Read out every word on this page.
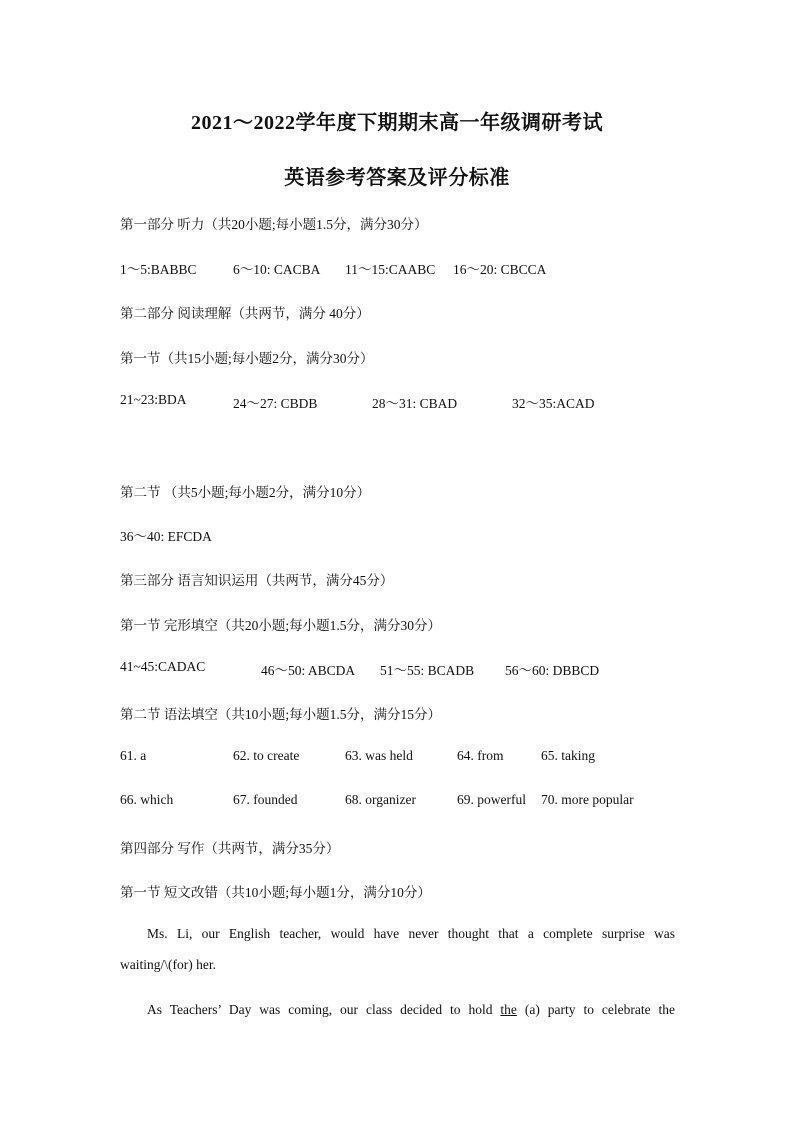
2021～2022学年度下期期末高一年级调研考试
英语参考答案及评分标准
第一部分 听力（共20小题;每小题1.5分，满分30分）
1～5:BABBC	6～10: CACBA 11～15:CAABC 16～20: CBCCA
第二部分 阅读理解（共两节，满分 40分）
第一节（共15小题;每小题2分，满分30分）
21~23:BDA	24～27: CBDB	28～31: CBAD	32～35:ACAD
第二节 （共5小题;每小题2分，满分10分）
36～40: EFCDA
第三部分 语言知识运用（共两节，满分45分）
第一节 完形填空（共20小题;每小题1.5分，满分30分）
41~45:CADAC	46～50: ABCDA 51～55: BCADB 56～60: DBBCD
第二节 语法填空（共10小题;每小题1.5分，满分15分）
61. a	62. to create	63. was held	64. from	65. taking
66. which	67. founded	68. organizer	69. powerful 70. more popular
第四部分 写作（共两节，满分35分）
第一节 短文改错（共10小题;每小题1分，满分10分）
Ms. Li, our English teacher, would have never thought that a complete surprise was
waiting/\(for) her.
As Teachers’ Day was coming, our class decided to hold the (a) party to celebrate the
